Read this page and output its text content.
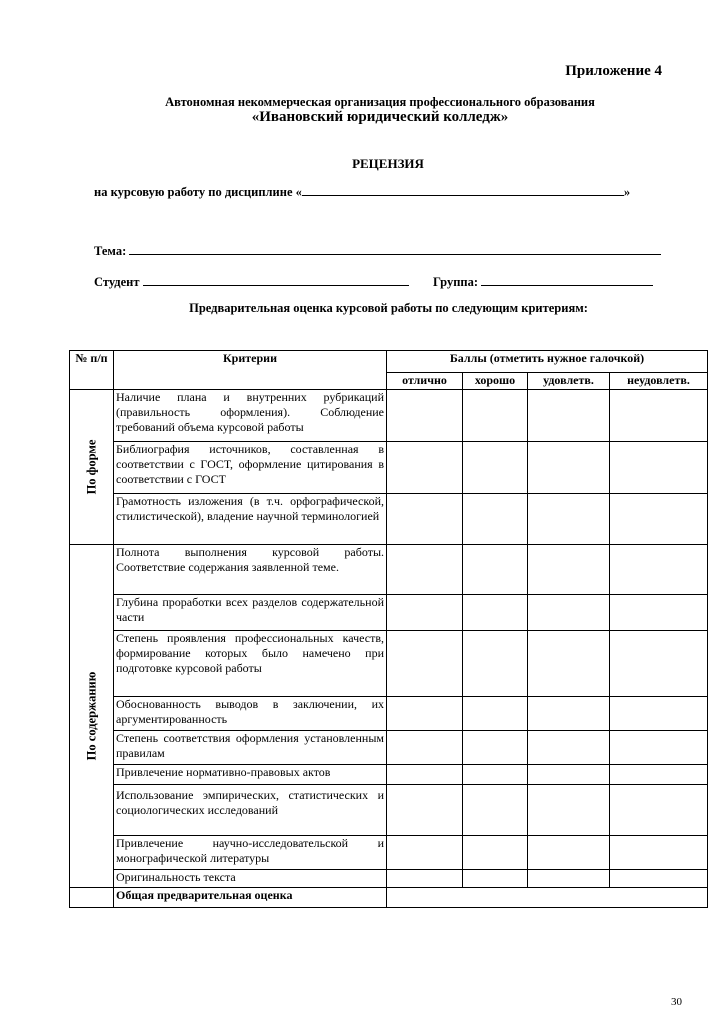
Приложение 4
Автономная некоммерческая организация профессионального образования
«Ивановский юридический колледж»
РЕЦЕНЗИЯ
на курсовую работу по дисциплине «	»
Тема:
Студент	Группа:
Предварительная оценка курсовой работы по следующим критериям:
№ п/п	Критерии	Баллы (отметить нужное галочкой)			
		отлично	хорошо	удовлетв.	неудовлетв.

По форме	Наличие плана и внутренних рубрикаций (правильность оформления). Соблюдение требований объема курсовой работы				
	Библиография источников, составленная в соответствии с ГОСТ, оформление цитирования в соответствии с ГОСТ				
	Грамотность изложения (в т.ч. орфографической, стилистической), владение научной терминологией				

По содержанию	Полнота выполнения курсовой работы. Соответствие содержания заявленной теме.				
	Глубина проработки всех разделов содержательной части				
	Степень проявления профессиональных качеств, формирование которых было намечено при подготовке курсовой работы				
	Обоснованность выводов в заключении, их аргументированность				
	Степень соответствия оформления установленным правилам				
	Привлечение нормативно-правовых актов				
	Использование эмпирических, статистических и социологических исследований				
	Привлечение научно-исследовательской и монографической литературы				
	Оригинальность текста				
	Общая предварительная оценка				
30
